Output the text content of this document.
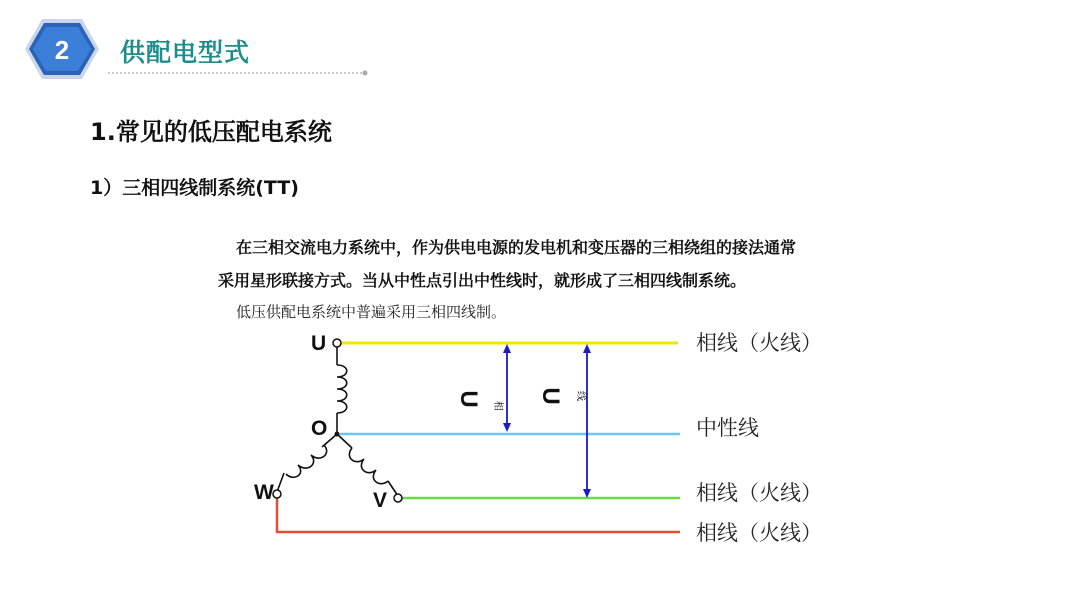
2 供配电型式
1.常见的低压配电系统
1）三相四线制系统(TT)
在三相交流电力系统中，作为供电电源的发电机和变压器的三相绕组的接法通常
采用星形联接方式。当从中性点引出中性线时，就形成了三相四线制系统。
低压供配电系统中普遍采用三相四线制。
U
O
W	V
U 相
U 线
相线（火线）
中性线
相线（火线）
相线（火线）
